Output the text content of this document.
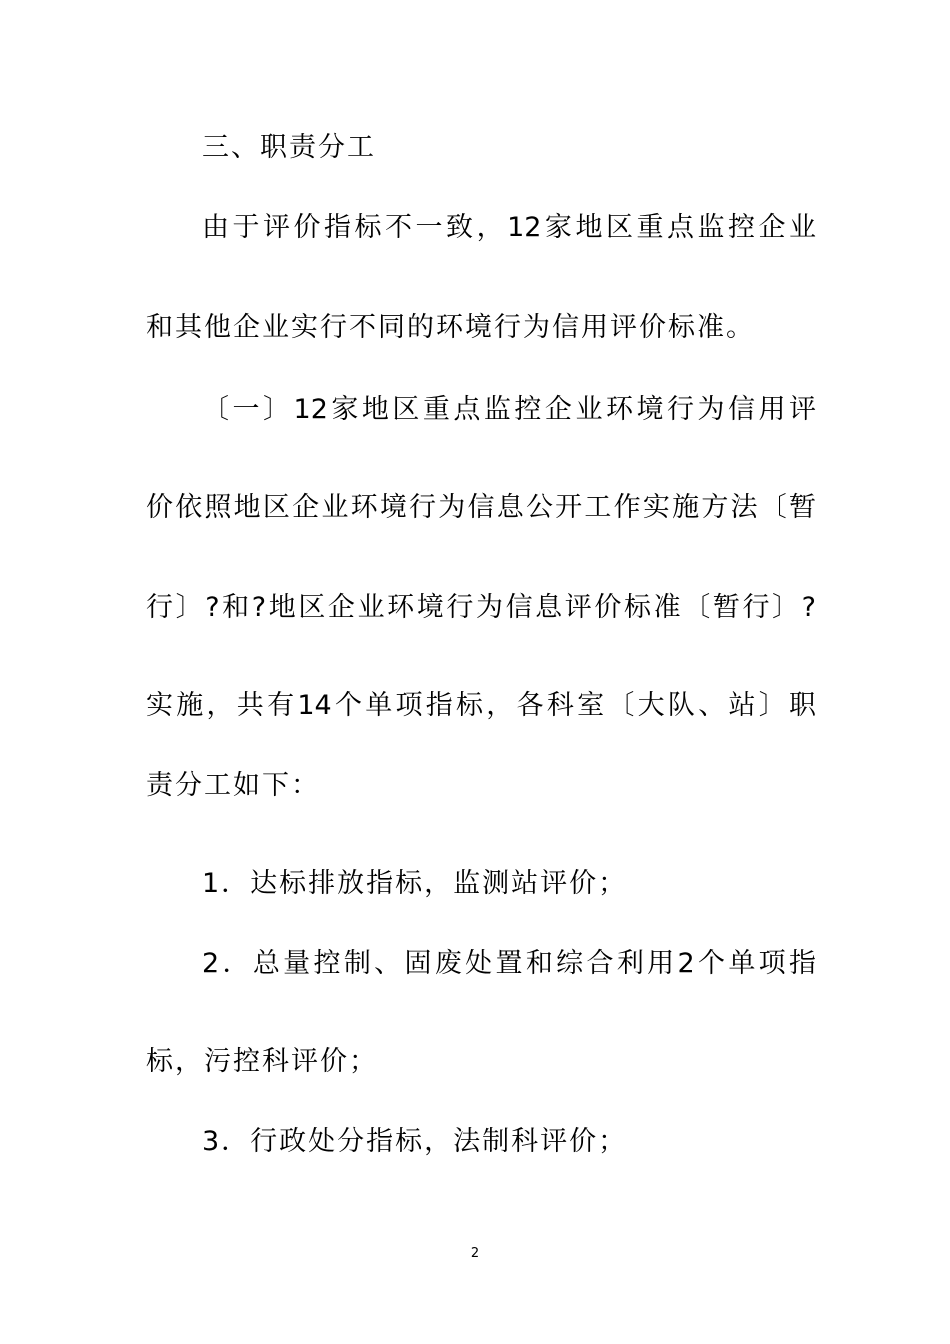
三、职责分工
由于评价指标不一致，12家地区重点监控企业
和其他企业实行不同的环境行为信用评价标准。
〔一〕12家地区重点监控企业环境行为信用评
价依照地区企业环境行为信息公开工作实施方法〔暂
行〕?和?地区企业环境行为信息评价标准〔暂行〕?
实施，共有14个单项指标，各科室〔大队、站〕职
责分工如下：
1．达标排放指标，监测站评价；
2．总量控制、固废处置和综合利用2个单项指
标，污控科评价；
3．行政处分指标，法制科评价；
2
